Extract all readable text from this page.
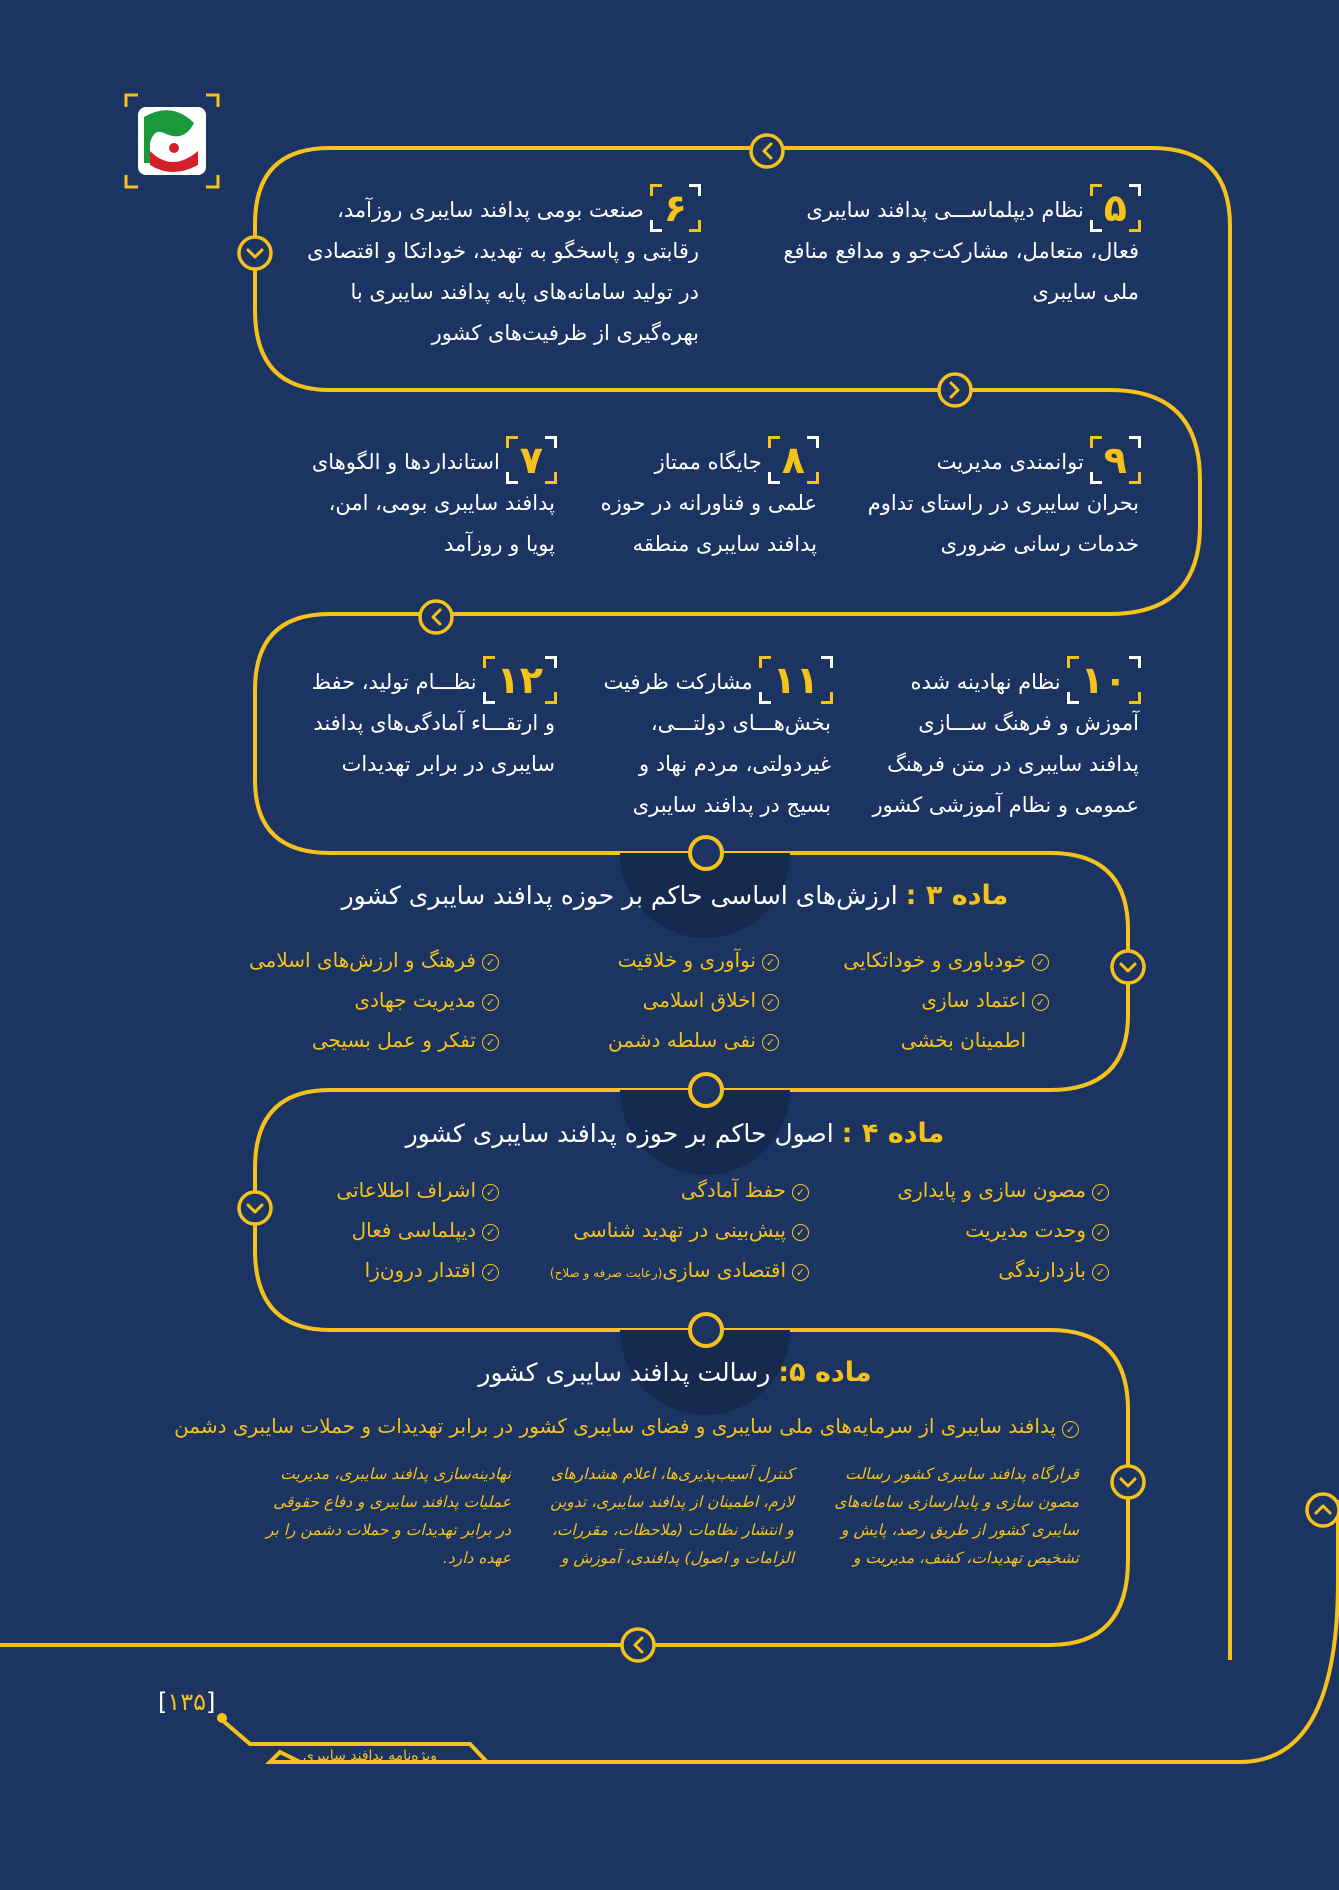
۵نظام دیپلماســـی پدافند سایبری
فعال، متعامل، مشارکت‌جو و مدافع منافع
ملی سایبری
۶صنعت بومی پدافند سایبری روزآمد،
رقابتی و پاسخگو به تهدید، خوداتکا و اقتصادی
در تولید سامانه‌های پایه پدافند سایبری با
بهره‌گیری از ظرفیت‌های کشور
۹توانمندی مدیریت
بحران سایبری در راستای تداوم
خدمات رسانی ضروری
۸جایگاه ممتاز
علمی و فناورانه در حوزه
پدافند سایبری منطقه
۷استانداردها و الگوهای
پدافند سایبری بومی، امن،
پویا و روزآمد
۱۰نظام نهادینه شده
آموزش و فرهنگ ســـازی
پدافند سایبری در متن فرهنگ
عمومی و نظام آموزشی کشور
۱۱مشارکت ظرفیت
بخش‌هـــای دولتـــی،
غیردولتی، مردم نهاد و
بسیج در پدافند سایبری
۱۲نظـــام تولید، حفظ
و ارتقـــاء آمادگی‌های پدافند
سایبری در برابر تهدیدات
ماده ۳ : ارزش‌های اساسی حاکم بر حوزه پدافند سایبری کشور
✓خودباوری و خوداتکایی
✓نوآوری و خلاقیت
✓فرهنگ و ارزش‌های اسلامی
✓اعتماد سازی
✓اخلاق اسلامی
✓مدیریت جهادی
اطمینان بخشی
✓نفی سلطه دشمن
✓تفکر و عمل بسیجی
ماده ۴ : اصول حاکم بر حوزه پدافند سایبری کشور
✓مصون سازی و پایداری
✓حفظ آمادگی
✓اشراف اطلاعاتی
✓وحدت مدیریت
✓پیش‌بینی در تهدید شناسی
✓دیپلماسی فعال
✓بازدارندگی
✓اقتصادی سازی(رعایت صرفه و صلاح)
✓اقتدار درون‌زا
ماده ۵: رسالت پدافند سایبری کشور
✓پدافند سایبری از سرمایه‌های ملی سایبری و فضای سایبری کشور در برابر تهدیدات و حملات سایبری دشمن
قرارگاه پدافند سایبری کشور رسالت
مصون سازی و پایدارسازی سامانه‌های
سایبری کشور از طریق رصد، پایش و
تشخیص تهدیدات، کشف، مدیریت و
کنترل آسیب‌پذیری‌ها، اعلام هشدارهای
لازم، اطمینان از پدافند سایبری، تدوین
و انتشار نظامات (ملاحظات، مقررات،
الزامات و اصول) پدافندی، آموزش و
نهادینه‌سازی پدافند سایبری، مدیریت
عملیات پدافند سایبری و دفاع حقوقی
در برابر تهدیدات و حملات دشمن را بر
عهده دارد.
[۱۳۵]
ویژه‌نامه پدافند سایبری
